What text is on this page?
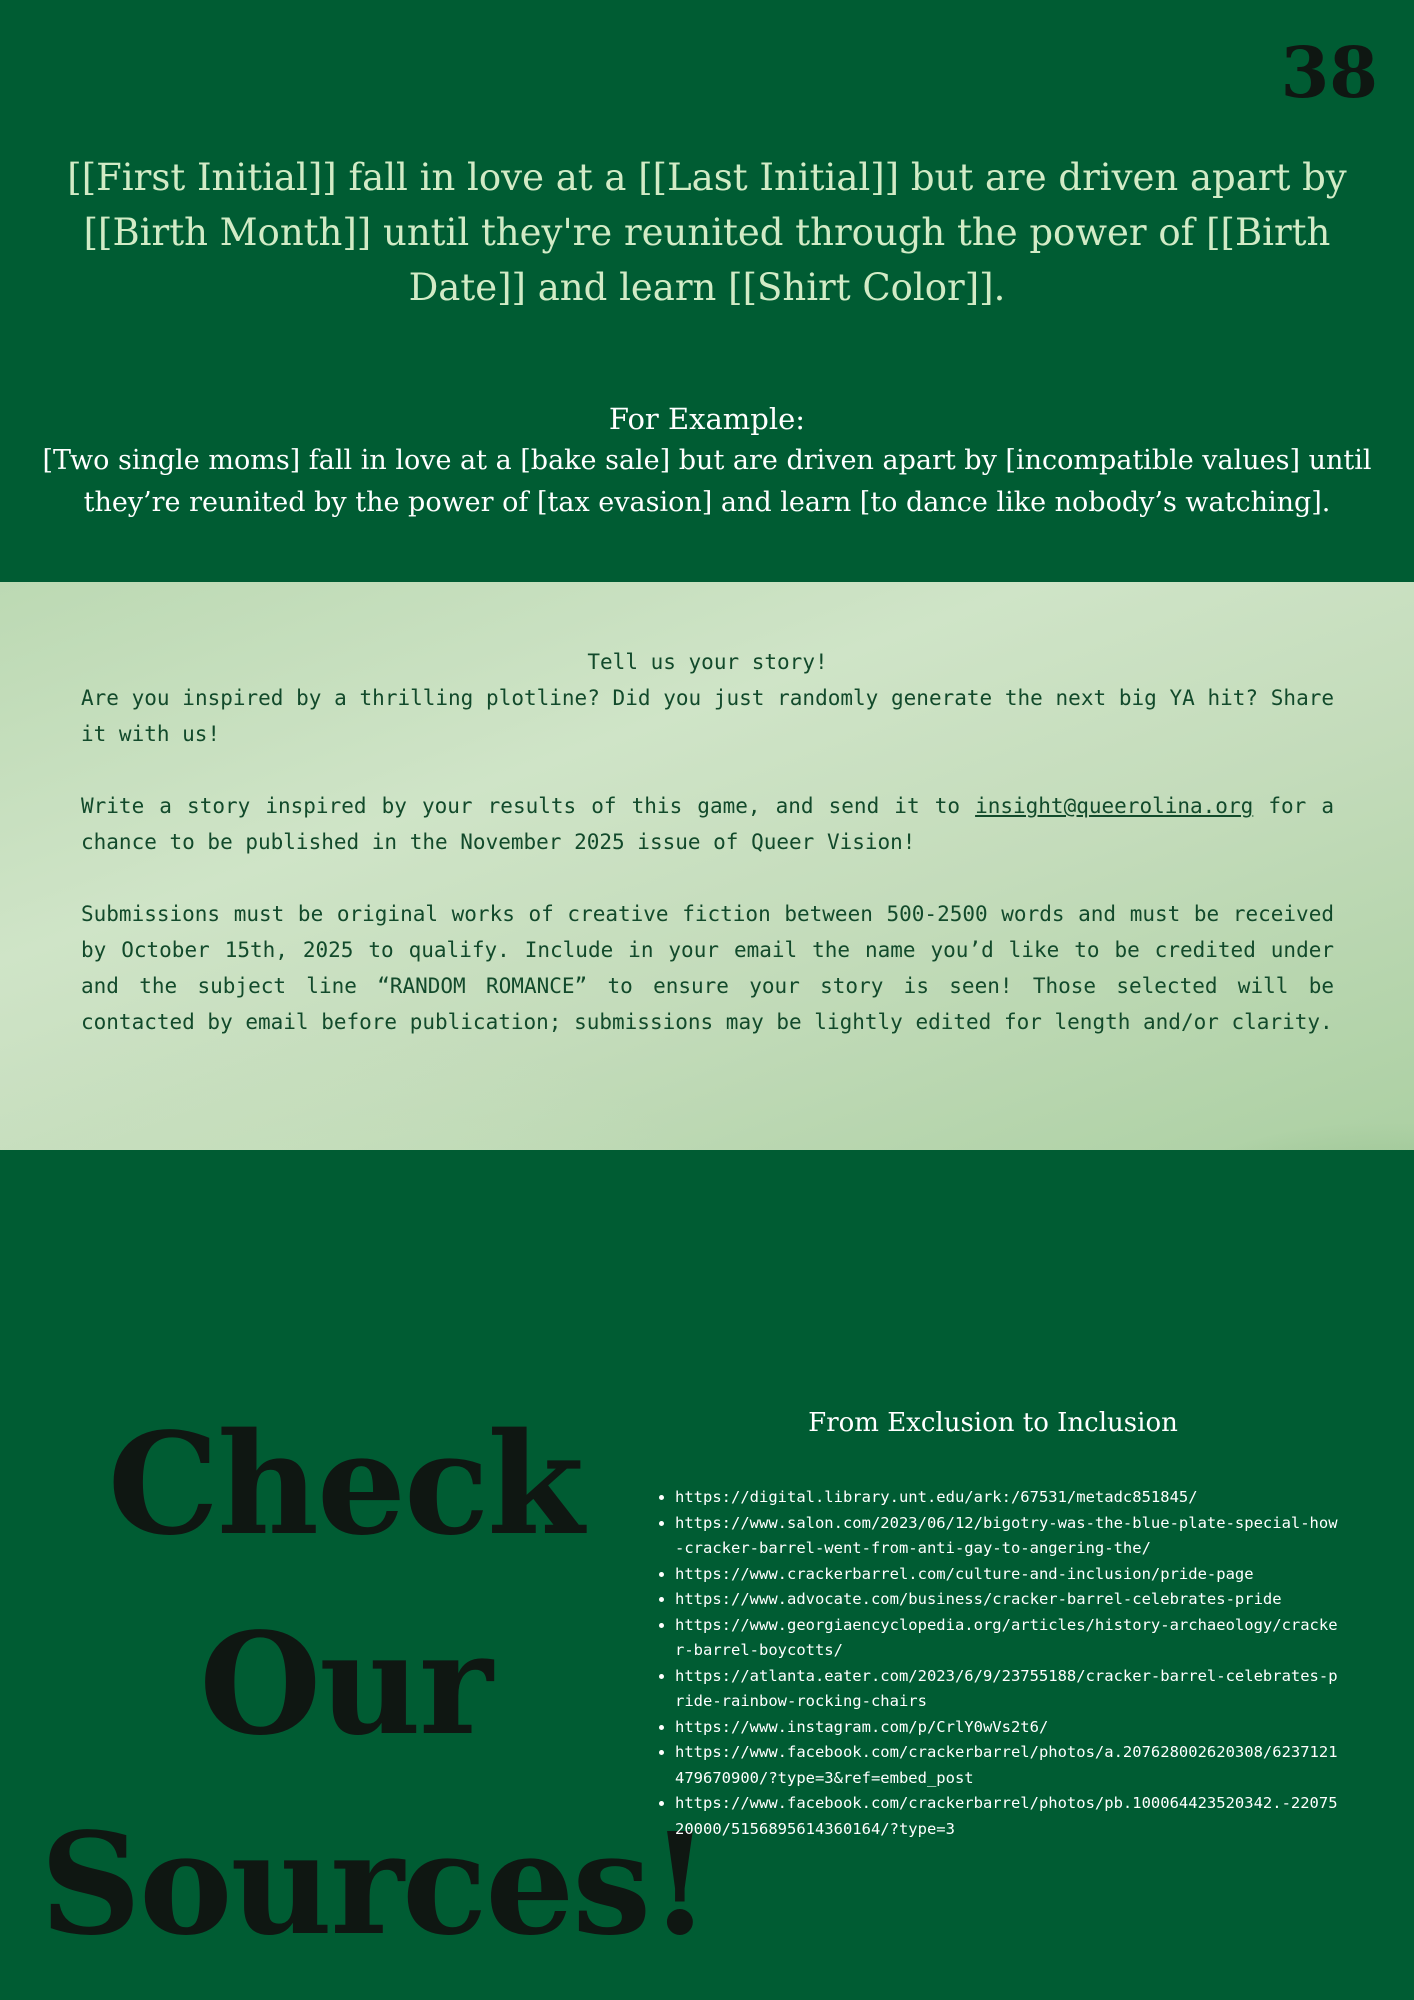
38

[[First Initial]] fall in love at a [[Last Initial]] but are driven apart by [[Birth Month]] until they're reunited through the power of [[Birth Date]] and learn [[Shirt Color]].

For Example:
[Two single moms] fall in love at a [bake sale] but are driven apart by [incompatible values] until they’re reunited by the power of [tax evasion] and learn [to dance like nobody’s watching].

Tell us your story!

Are you inspired by a thrilling plotline? Did you just randomly generate the next big YA hit? Share it with us!

Write a story inspired by your results of this game, and send it to insight@queerolina.org for a chance to be published in the November 2025 issue of Queer Vision!

Submissions must be original works of creative fiction between 500-2500 words and must be received by October 15th, 2025 to qualify. Include in your email the name you’d like to be credited under and the subject line “RANDOM ROMANCE” to ensure your story is seen! Those selected will be contacted by email before publication; submissions may be lightly edited for length and/or clarity.

Check
Our
Sources!

From Exclusion to Inclusion

• https://digital.library.unt.edu/ark:/67531/metadc851845/
• https://www.salon.com/2023/06/12/bigotry-was-the-blue-plate-special-how-cracker-barrel-went-from-anti-gay-to-angering-the/
• https://www.crackerbarrel.com/culture-and-inclusion/pride-page
• https://www.advocate.com/business/cracker-barrel-celebrates-pride
• https://www.georgiaencyclopedia.org/articles/history-archaeology/cracker-barrel-boycotts/
• https://atlanta.eater.com/2023/6/9/23755188/cracker-barrel-celebrates-pride-rainbow-rocking-chairs
• https://www.instagram.com/p/CrlY0wVs2t6/
• https://www.facebook.com/crackerbarrel/photos/a.207628002620308/6237121479670900/?type=3&ref=embed_post
• https://www.facebook.com/crackerbarrel/photos/pb.100064423520342.-2207520000/5156895614360164/?type=3
